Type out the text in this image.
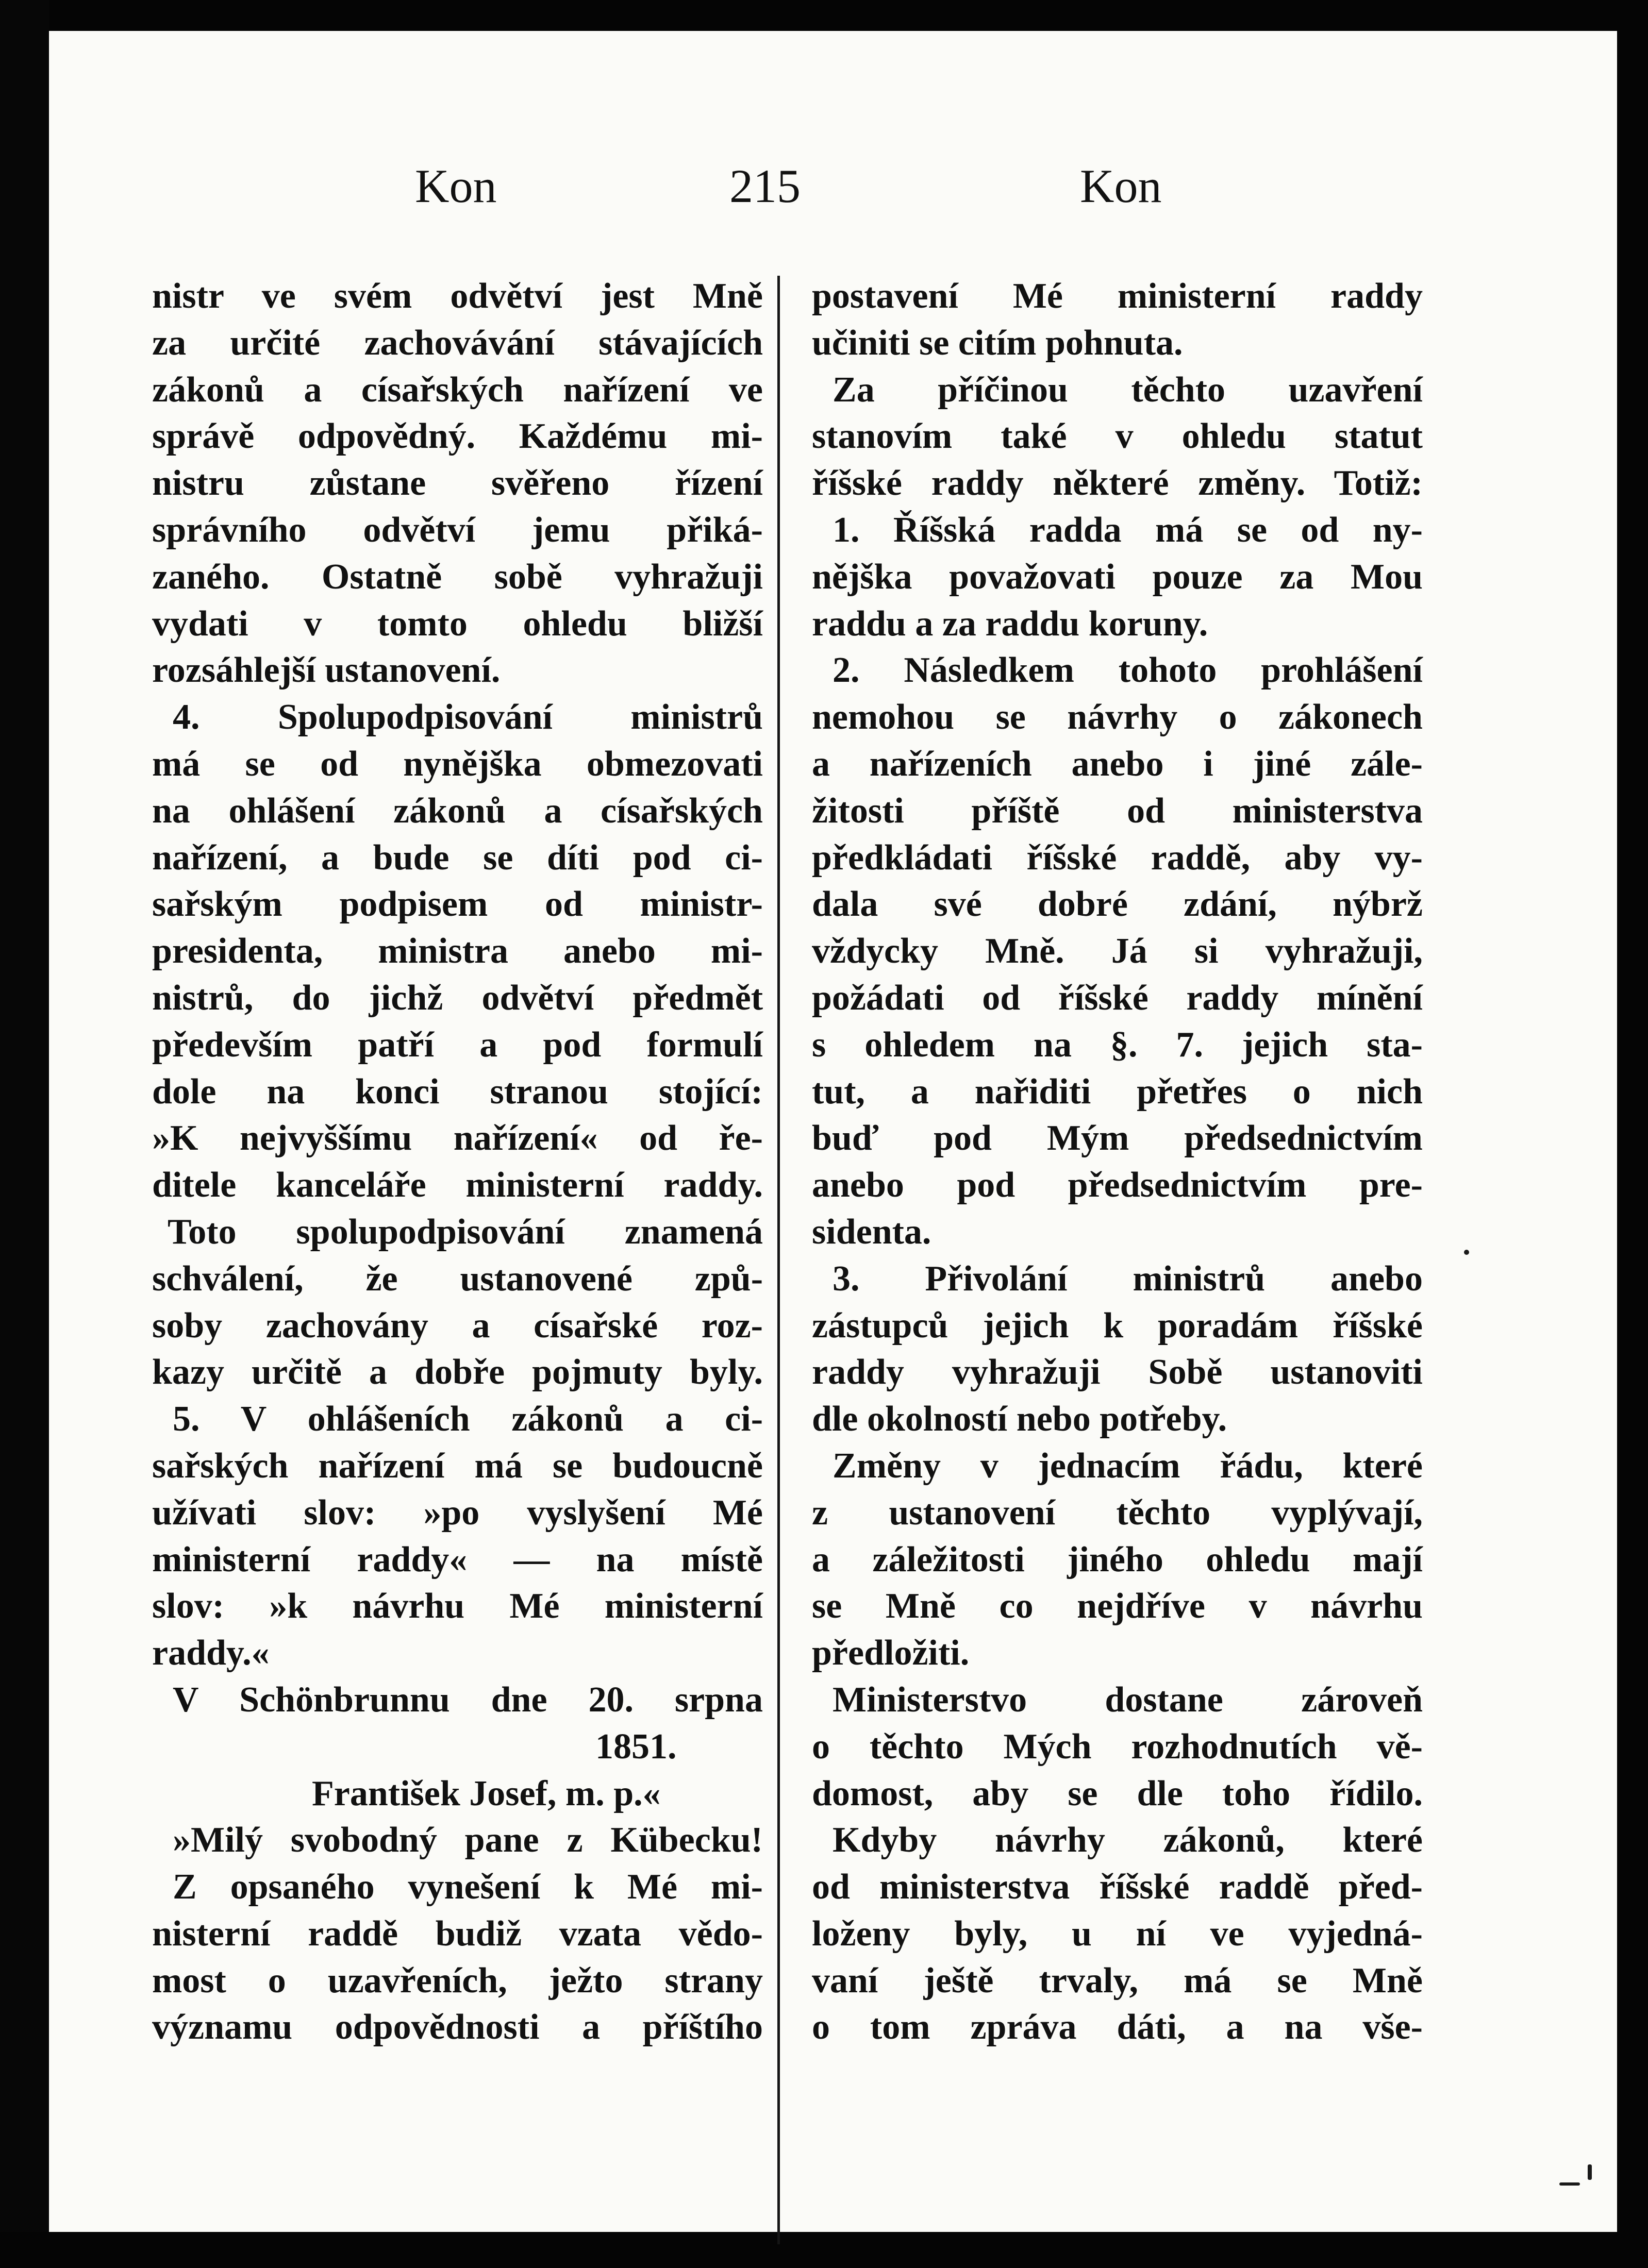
Kon	215	Kon
nistr ve svém odvětví jest Mně
za určité zachovávání stávajících
zákonů a císařských nařízení ve
správě odpovědný. Každému mi-
nistru zůstane svěřeno řízení
správního odvětví jemu přiká-
zaného. Ostatně sobě vyhražuji
vydati v tomto ohledu bližší
rozsáhlejší ustanovení.
4. Spolupodpisování ministrů
má se od nynějška obmezovati
na ohlášení zákonů a císařských
nařízení, a bude se díti pod ci-
sařským podpisem od ministr-
presidenta, ministra anebo mi-
nistrů, do jichž odvětví předmět
především patří a pod formulí
dole na konci stranou stojící:
»K nejvyššímu nařízení« od ře-
ditele kanceláře ministerní raddy.
Toto spolupodpisování znamená
schválení, že ustanovené způ-
soby zachovány a císařské roz-
kazy určitě a dobře pojmuty byly.
5. V ohlášeních zákonů a ci-
sařských nařízení má se budoucně
užívati slov: »po vyslyšení Mé
ministerní raddy« — na místě
slov: »k návrhu Mé ministerní
raddy.«
V Schönbrunnu dne 20. srpna
1851.
František Josef, m. p.«
»Milý svobodný pane z Kübecku!
Z opsaného vynešení k Mé mi-
nisterní raddě budiž vzata vědo-
most o uzavřeních, ježto strany
významu odpovědnosti a příštího
postavení Mé ministerní raddy
učiniti se citím pohnuta.
Za příčinou těchto uzavření
stanovím také v ohledu statut
říšské raddy některé změny. Totiž:
1. Říšská radda má se od ny-
nějška považovati pouze za Mou
raddu a za raddu koruny.
2. Následkem tohoto prohlášení
nemohou se návrhy o zákonech
a nařízeních anebo i jiné zále-
žitosti příště od ministerstva
předkládati říšské raddě, aby vy-
dala své dobré zdání, nýbrž
vždycky Mně. Já si vyhražuji,
požádati od říšské raddy mínění
s ohledem na §. 7. jejich sta-
tut, a nařiditi přetřes o nich
buď pod Mým předsednictvím
anebo pod předsednictvím pre-
sidenta.
3. Přivolání ministrů anebo
zástupců jejich k poradám říšské
raddy vyhražuji Sobě ustanoviti
dle okolností nebo potřeby.
Změny v jednacím řádu, které
z ustanovení těchto vyplývají,
a záležitosti jiného ohledu mají
se Mně co nejdříve v návrhu
předložiti.
Ministerstvo dostane zároveň
o těchto Mých rozhodnutích vě-
domost, aby se dle toho řídilo.
Kdyby návrhy zákonů, které
od ministerstva říšské raddě před-
loženy byly, u ní ve vyjedná-
vaní ještě trvaly, má se Mně
o tom zpráva dáti, a na vše-
